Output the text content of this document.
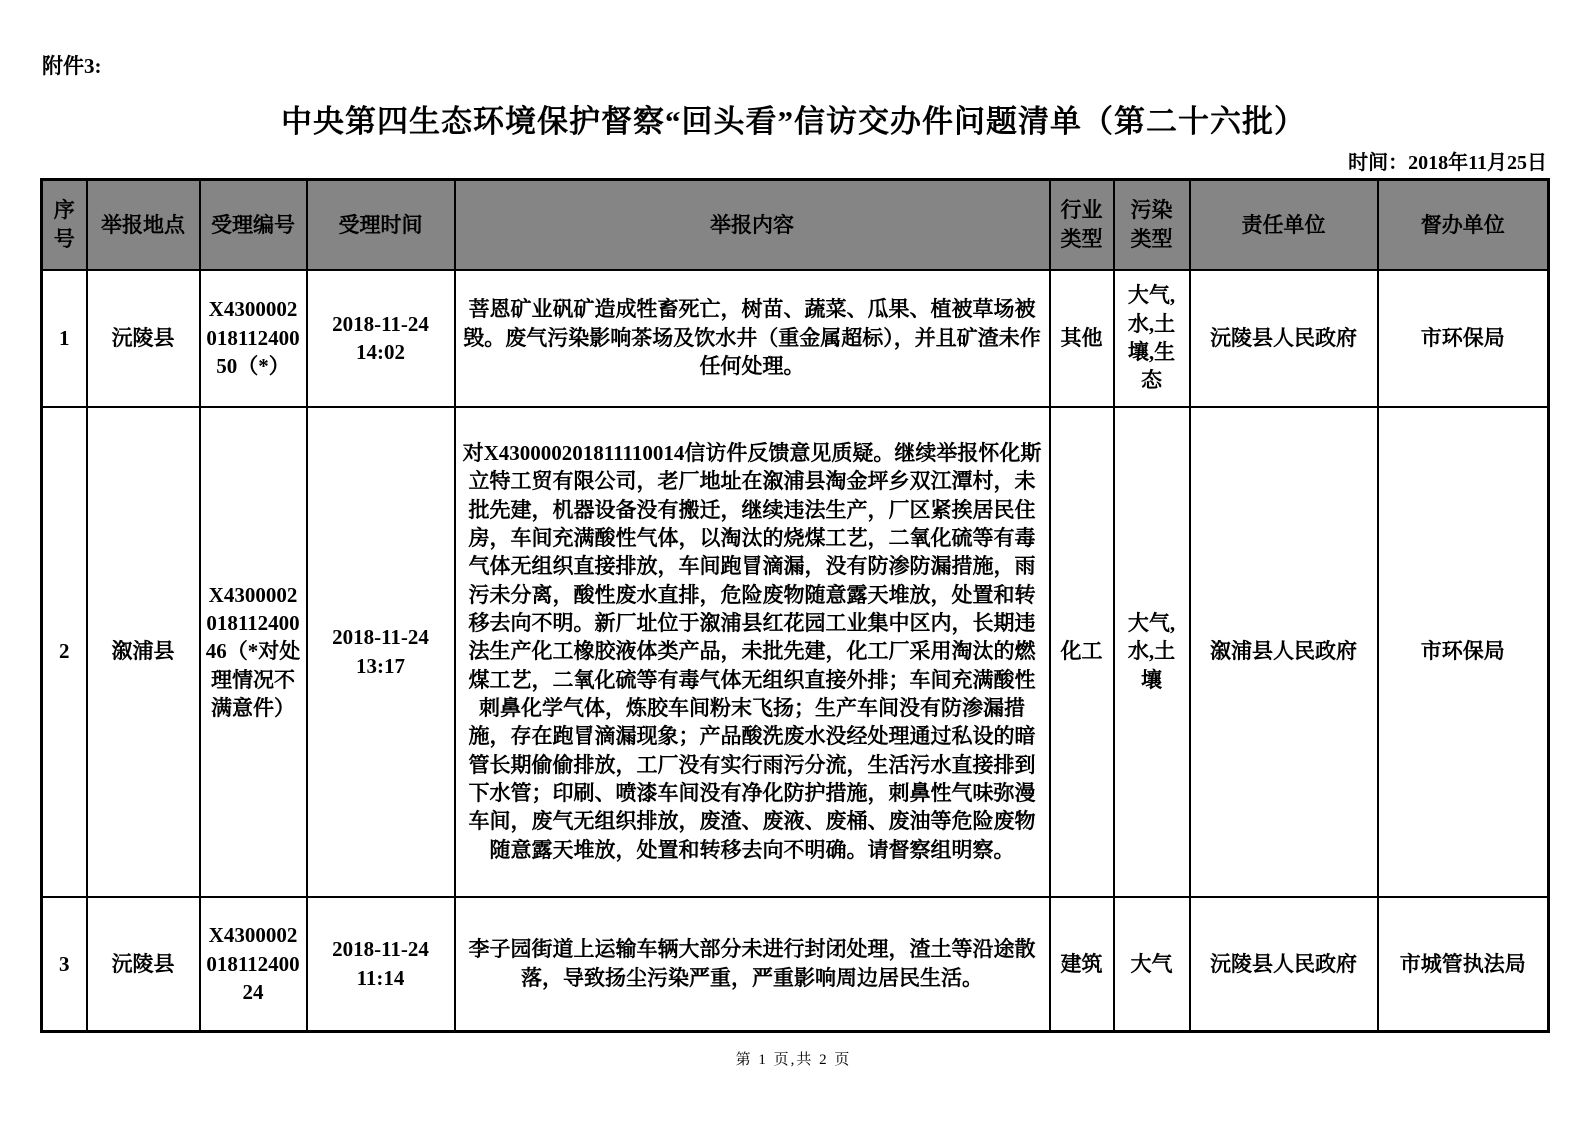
附件3:
中央第四生态环境保护督察“回头看”信访交办件问题清单（第二十六批）
时间：2018年11月25日
序号	举报地点	受理编号	受理时间	举报内容	行业类型	污染类型	责任单位	督办单位
1	沅陵县	X430000201811240050（*）	2018-11-24 14:02	菩恩矿业矾矿造成牲畜死亡，树苗、蔬菜、瓜果、植被草场被毁。废气污染影响茶场及饮水井（重金属超标），并且矿渣未作任何处理。	其他	大气,水,土壤,生态	沅陵县人民政府	市环保局
2	溆浦县	X430000201811240046（*对处理情况不满意件）	2018-11-24 13:17	对X430000201811110014信访件反馈意见质疑。继续举报怀化斯立特工贸有限公司，老厂地址在溆浦县淘金坪乡双江潭村，未批先建，机器设备没有搬迁，继续违法生产，厂区紧挨居民住房，车间充满酸性气体，以淘汰的烧煤工艺，二氧化硫等有毒气体无组织直接排放，车间跑冒滴漏，没有防渗防漏措施，雨污未分离，酸性废水直排，危险废物随意露天堆放，处置和转移去向不明。新厂址位于溆浦县红花园工业集中区内，长期违法生产化工橡胶液体类产品，未批先建，化工厂采用淘汰的燃煤工艺，二氧化硫等有毒气体无组织直接外排；车间充满酸性刺鼻化学气体，炼胶车间粉末飞扬；生产车间没有防渗漏措施，存在跑冒滴漏现象；产品酸洗废水没经处理通过私设的暗管长期偷偷排放，工厂没有实行雨污分流，生活污水直接排到下水管；印刷、喷漆车间没有净化防护措施，刺鼻性气味弥漫车间，废气无组织排放，废渣、废液、废桶、废油等危险废物随意露天堆放，处置和转移去向不明确。请督察组明察。	化工	大气,水,土壤	溆浦县人民政府	市环保局
3	沅陵县	X430000201811240024	2018-11-24 11:14	李子园街道上运输车辆大部分未进行封闭处理，渣土等沿途散落，导致扬尘污染严重，严重影响周边居民生活。	建筑	大气	沅陵县人民政府	市城管执法局
第 1 页,共 2 页
